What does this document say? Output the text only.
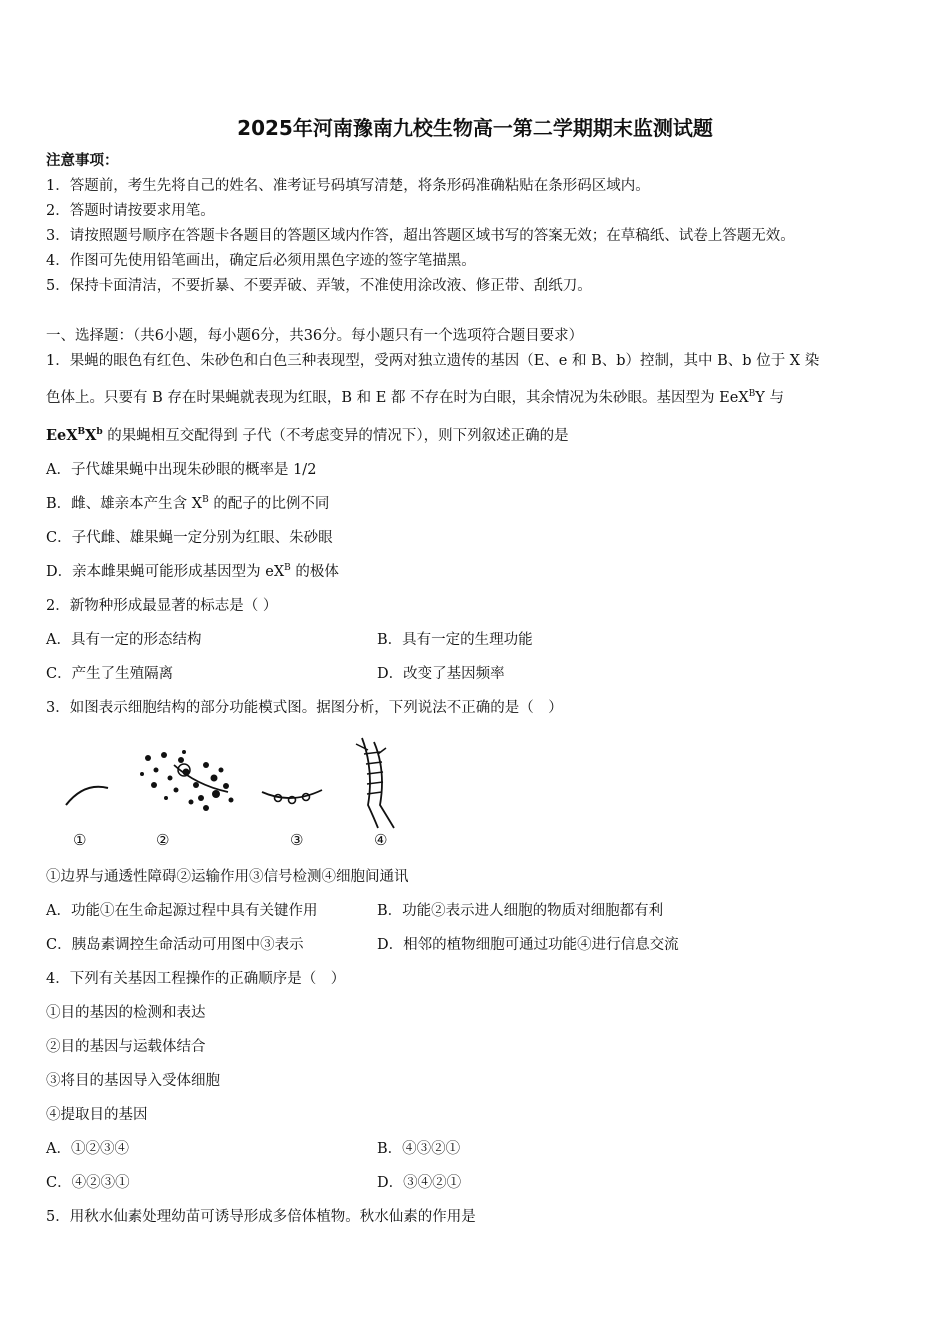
2025年河南豫南九校生物高一第二学期期末监测试题
注意事项：
1．答题前，考生先将自己的姓名、准考证号码填写清楚，将条形码准确粘贴在条形码区域内。
2．答题时请按要求用笔。
3．请按照题号顺序在答题卡各题目的答题区域内作答，超出答题区域书写的答案无效；在草稿纸、试卷上答题无效。
4．作图可先使用铅笔画出，确定后必须用黑色字迹的签字笔描黑。
5．保持卡面清洁，不要折暴、不要弄破、弄皱，不准使用涂改液、修正带、刮纸刀。
一、选择题：（共6小题，每小题6分，共36分。每小题只有一个选项符合题目要求）
1．果蝇的眼色有红色、朱砂色和白色三种表现型，受两对独立遗传的基因（E、e 和 B、b）控制，其中 B、b 位于 X 染
色体上。只要有 B 存在时果蝇就表现为红眼，B 和 E 都 不存在时为白眼，其余情况为朱砂眼。基因型为 EeX$^B$Y 与
$EeX^BX^b$ 的果蝇相互交配得到 子代（不考虑变异的情况下），则下列叙述正确的是
A．子代雄果蝇中出现朱砂眼的概率是 1/2
B．雌、雄亲本产生含 $X^B$ 的配子的比例不同
C．子代雌、雄果蝇一定分别为红眼、朱砂眼
D．亲本雌果蝇可能形成基因型为 $eX^B$ 的极体
2．新物种形成最显著的标志是（ ）
A．具有一定的形态结构	B．具有一定的生理功能
C．产生了生殖隔离	D．改变了基因频率
3．如图表示细胞结构的部分功能模式图。据图分析，下列说法不正确的是（　）
①	②	③	④
①边界与通透性障碍②运输作用③信号检测④细胞间通讯
A．功能①在生命起源过程中具有关键作用	B．功能②表示进人细胞的物质对细胞都有利
C．胰岛素调控生命活动可用图中③表示	D．相邻的植物细胞可通过功能④进行信息交流
4．下列有关基因工程操作的正确顺序是（　）
①目的基因的检测和表达
②目的基因与运载体结合
③将目的基因导入受体细胞
④提取目的基因
A．①②③④	B．④③②①
C．④②③①	D．③④②①
5．用秋水仙素处理幼苗可诱导形成多倍体植物。秋水仙素的作用是
